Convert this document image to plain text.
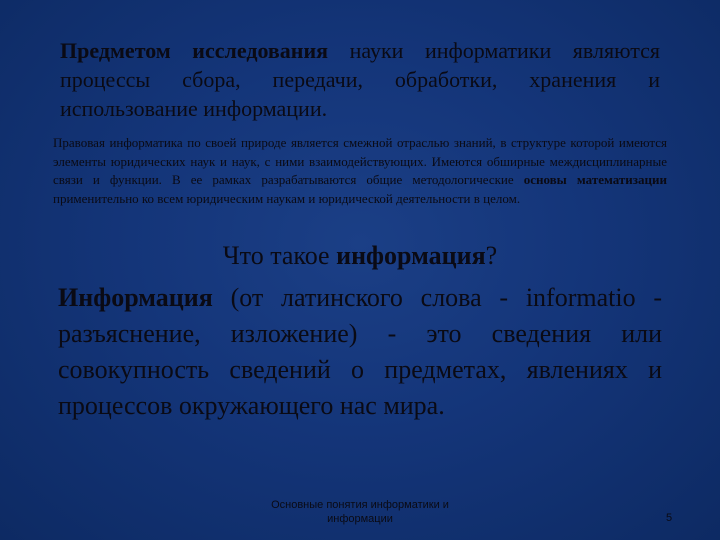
Предметом исследования науки информатики являются процессы сбора, передачи, обработки, хранения и использование информации.
Правовая информатика по своей природе является смежной отраслью знаний, в структуре которой имеются элементы юридических наук и наук, с ними взаимодействующих. Имеются обширные междисциплинарные связи и функции. В ее рамках разрабатываются общие методологические основы математизации применительно ко всем юридическим наукам и юридической деятельности в целом.
Что такое информация?
Информация (от латинского слова - informatio - разъяснение, изложение) - это сведения или совокупность сведений о предметах, явлениях и процессов окружающего нас мира.
Основные понятия информатики и
информации	5
